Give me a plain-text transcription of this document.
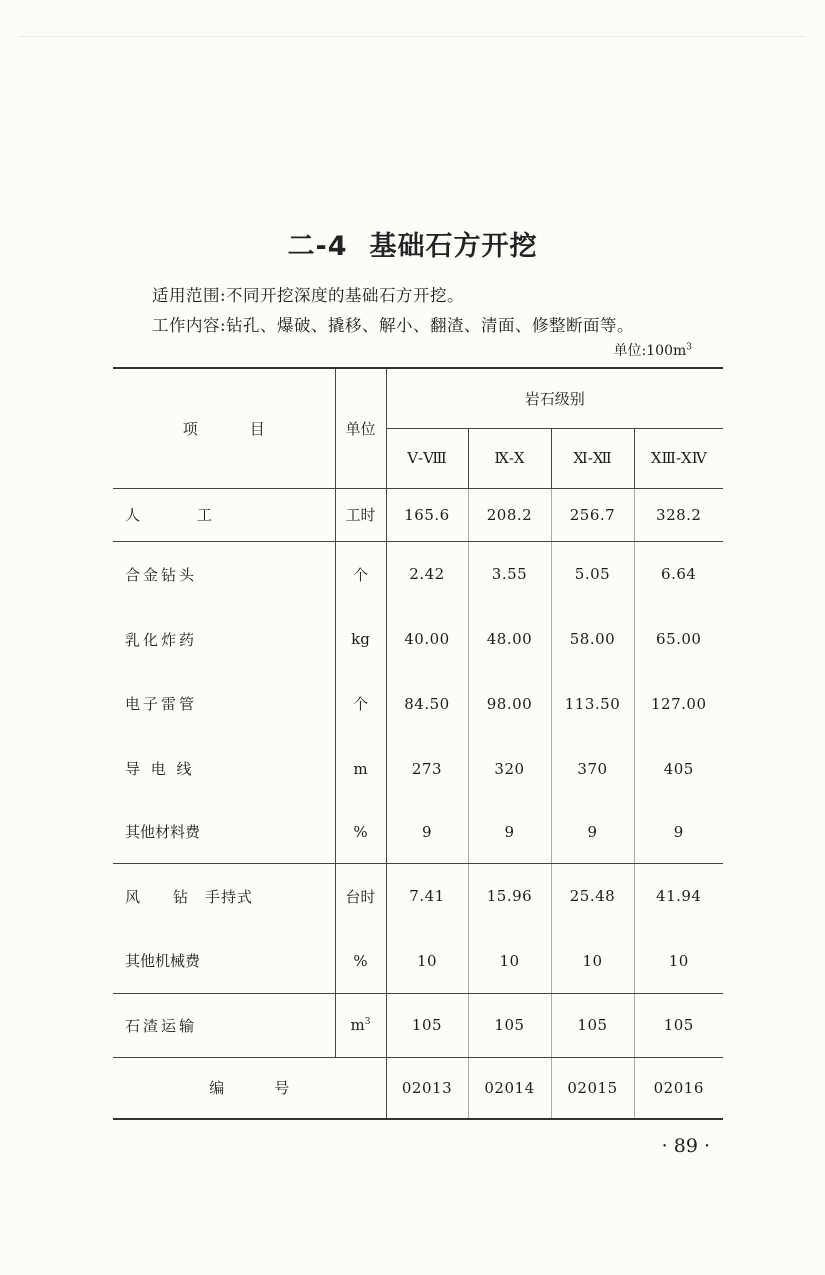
二-4 基础石方开挖
适用范围:不同开挖深度的基础石方开挖。
工作内容:钻孔、爆破、撬移、解小、翻渣、清面、修整断面等。
单位$:100m^3$
项 目	单位	岩石级别			
		Ⅴ-Ⅷ	Ⅸ-Ⅹ	Ⅺ-Ⅻ	ⅩⅢ-ⅩⅣ
人　　　工	工时	165.6	208.2	256.7	328.2
合金钻头	个	2.42	3.55	5.05	6.64
乳化炸药	kg	40.00	48.00	58.00	65.00
电子雷管	个	84.50	98.00	113.50	127.00
导 电 线	m	273	320	370	405
其他材料费	%	9	9	9	9
风　　钻　手持式	台时	7.41	15.96	25.48	41.94
其他机械费	%	10	10	10	10
石渣运输	$m^3$	105	105	105	105
编 号		02013	02014	02015	02016
· 89 ·
